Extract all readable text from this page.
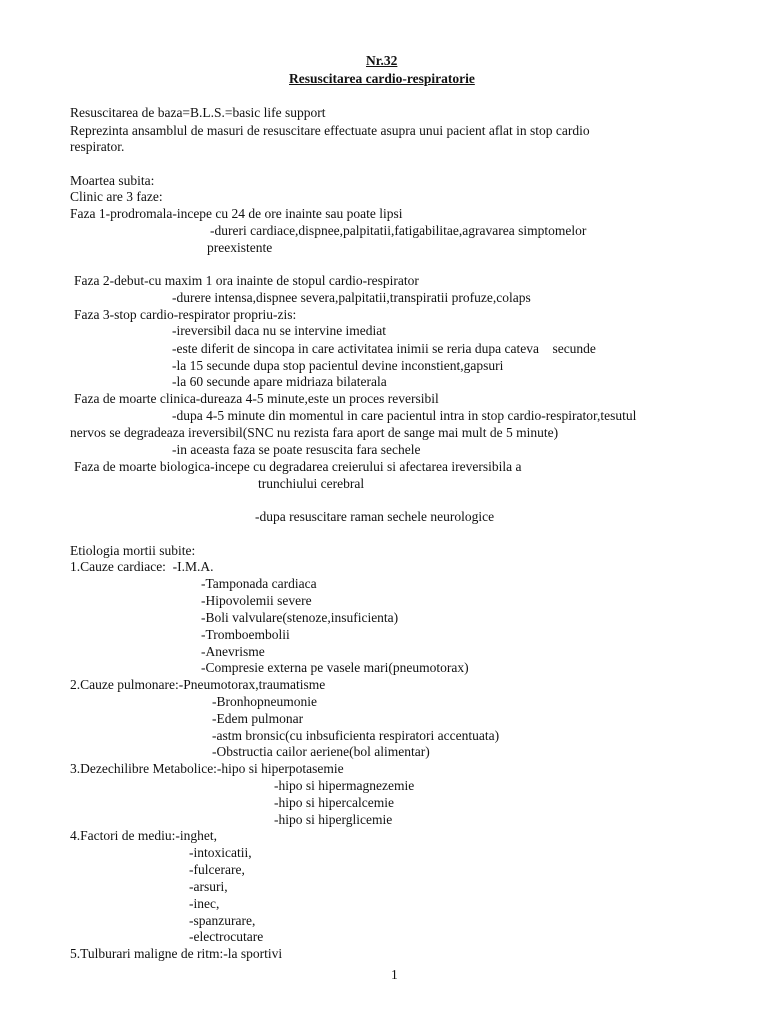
Nr.32
Resuscitarea cardio-respiratorie
Resuscitarea de baza=B.L.S.=basic life support
Reprezinta ansamblul de masuri de resuscitare effectuate asupra unui pacient aflat in stop cardio
respirator.
Moartea subita:
Clinic are 3 faze:
Faza 1-prodromala-incepe cu 24 de ore inainte sau poate lipsi
-dureri cardiace,dispnee,palpitatii,fatigabilitae,agravarea simptomelor
preexistente
Faza 2-debut-cu maxim 1 ora inainte de stopul cardio-respirator
-durere intensa,dispnee severa,palpitatii,transpiratii profuze,colaps
Faza 3-stop cardio-respirator propriu-zis:
-ireversibil daca nu se intervine imediat
-este diferit de sincopa in care activitatea inimii se reria dupa cateva    secunde
-la 15 secunde dupa stop pacientul devine inconstient,gapsuri
-la 60 secunde apare midriaza bilaterala
Faza de moarte clinica-dureaza 4-5 minute,este un proces reversibil
-dupa 4-5 minute din momentul in care pacientul intra in stop cardio-respirator,tesutul
nervos se degradeaza ireversibil(SNC nu rezista fara aport de sange mai mult de 5 minute)
-in aceasta faza se poate resuscita fara sechele
Faza de moarte biologica-incepe cu degradarea creierului si afectarea ireversibila a
trunchiului cerebral
-dupa resuscitare raman sechele neurologice
Etiologia mortii subite:
1.Cauze cardiace:  -I.M.A.
-Tamponada cardiaca
-Hipovolemii severe
-Boli valvulare(stenoze,insuficienta)
-Tromboembolii
-Anevrisme
-Compresie externa pe vasele mari(pneumotorax)
2.Cauze pulmonare:-Pneumotorax,traumatisme
-Bronhopneumonie
-Edem pulmonar
-astm bronsic(cu inbsuficienta respiratori accentuata)
-Obstructia cailor aeriene(bol alimentar)
3.Dezechilibre Metabolice:-hipo si hiperpotasemie
-hipo si hipermagnezemie
-hipo si hipercalcemie
-hipo si hiperglicemie
4.Factori de mediu:-inghet,
-intoxicatii,
-fulcerare,
-arsuri,
-inec,
-spanzurare,
-electrocutare
5.Tulburari maligne de ritm:-la sportivi
1
